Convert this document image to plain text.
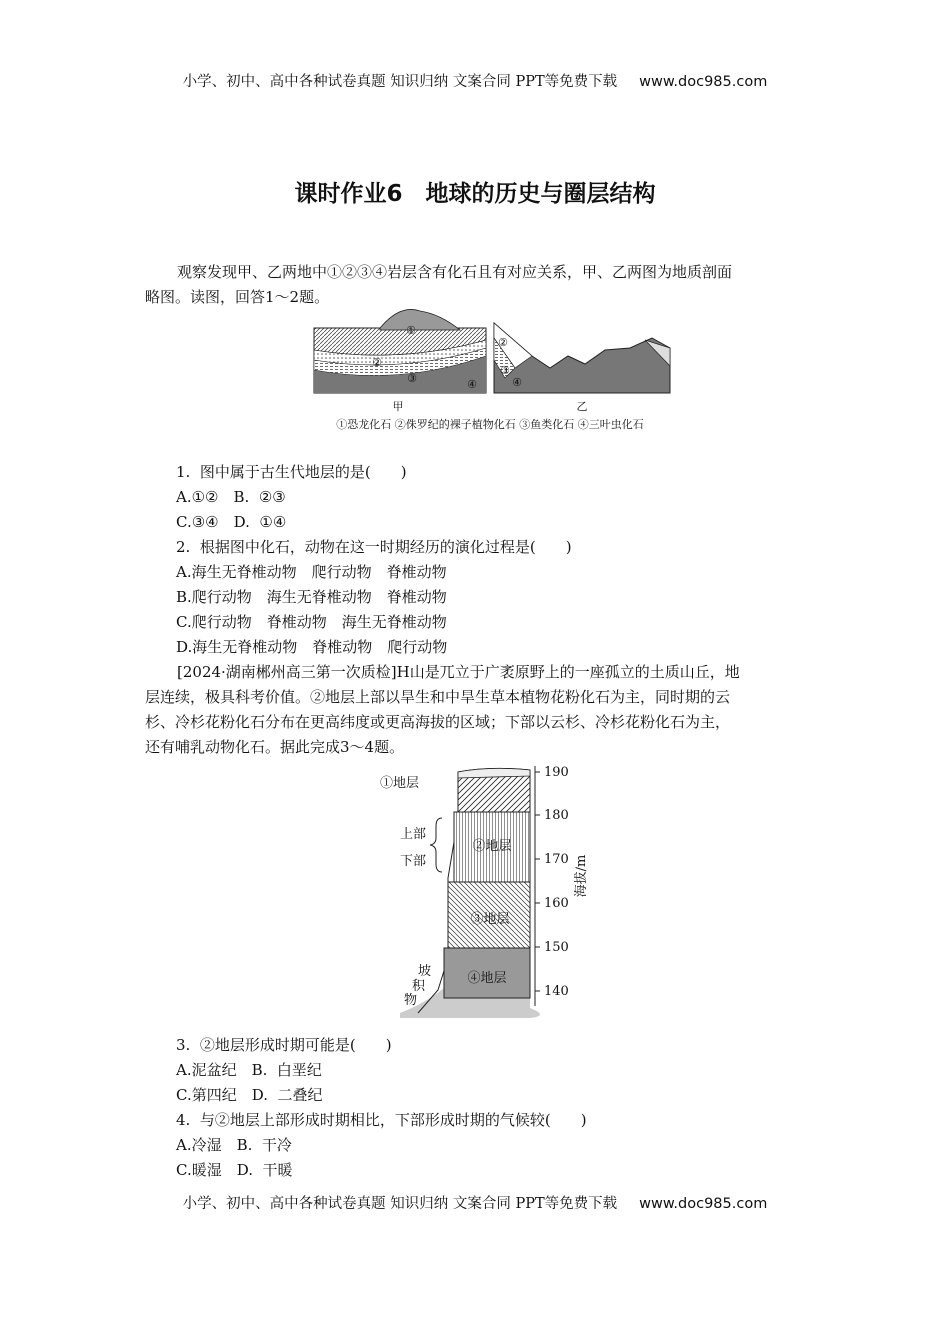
小学、初中、高中各种试卷真题 知识归纳 文案合同 PPT等免费下载 www.doc985.com
课时作业6　地球的历史与圈层结构
观察发现甲、乙两地中①②③④岩层含有化石且有对应关系，甲、乙两图为地质剖面
略图。读图，回答1～2题。
①
②
③	④
②
③
④
甲	乙
①恐龙化石 ②侏罗纪的裸子植物化石 ③鱼类化石 ④三叶虫化石
1.  图中属于古生代地层的是(　　)
A.①②　B.  ②③
C.③④　D.  ①④
2.  根据图中化石，动物在这一时期经历的演化过程是(　　)
A.海生无脊椎动物　爬行动物　脊椎动物
B.爬行动物　海生无脊椎动物　脊椎动物
C.爬行动物　脊椎动物　海生无脊椎动物
D.海生无脊椎动物　脊椎动物　爬行动物
[2024·湖南郴州高三第一次质检]H山是兀立于广袤原野上的一座孤立的土质山丘，地
层连续，极具科考价值。②地层上部以旱生和中旱生草本植物花粉化石为主，同时期的云
杉、冷杉花粉化石分布在更高纬度或更高海拔的区域；下部以云杉、冷杉花粉化石为主，
还有哺乳动物化石。据此完成3～4题。
①地层
②地层
③地层
④地层
上部
下部
坡
积
物
190
180
170
160
150
140
海拔/m
3.  ②地层形成时期可能是(　　)
A.泥盆纪　B.  白垩纪
C.第四纪　D.  二叠纪
4.  与②地层上部形成时期相比，下部形成时期的气候较(　　)
A.冷湿　B.  干冷
C.暖湿　D.  干暖
小学、初中、高中各种试卷真题 知识归纳 文案合同 PPT等免费下载 www.doc985.com
